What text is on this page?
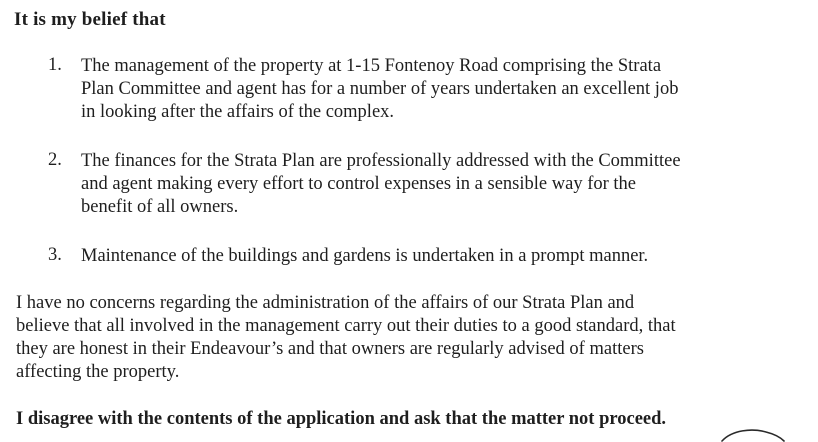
It is my belief that
1. The management of the property at 1-15 Fontenoy Road comprising the Strata
Plan Committee and agent has for a number of years undertaken an excellent job
in looking after the affairs of the complex.
2. The finances for the Strata Plan are professionally addressed with the Committee
and agent making every effort to control expenses in a sensible way for the
benefit of all owners.
3. Maintenance of the buildings and gardens is undertaken in a prompt manner.
I have no concerns regarding the administration of the affairs of our Strata Plan and
believe that all involved in the management carry out their duties to a good standard, that
they are honest in their Endeavour’s and that owners are regularly advised of matters
affecting the property.
I disagree with the contents of the application and ask that the matter not proceed.
